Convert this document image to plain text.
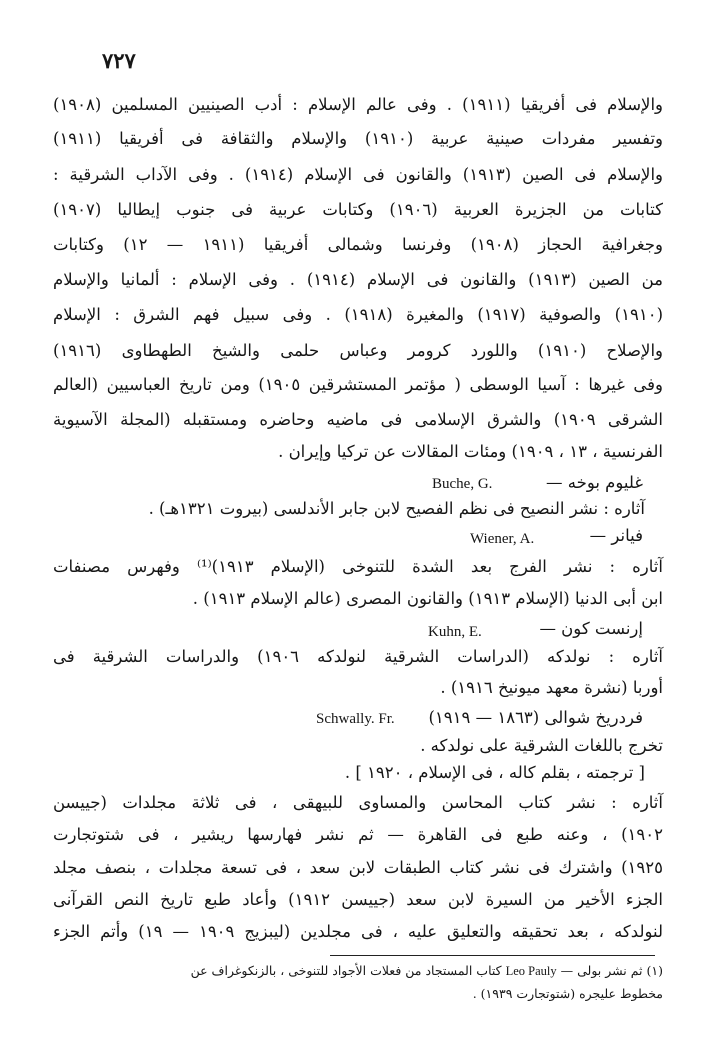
٧٢٧
والإسلام فى أفريقيا (١٩١١) . وفى عالم الإسلام : أدب الصينيين المسلمين (١٩٠٨)
وتفسير مفردات صينية عربية (١٩١٠) والإسلام والثقافة فى أفريقيا (١٩١١)
والإسلام فى الصين (١٩١٣) والقانون فى الإسلام (١٩١٤) . وفى الآداب الشرقية :
كتابات من الجزيرة العربية (١٩٠٦) وكتابات عربية فى جنوب إيطاليا (١٩٠٧)
وجغرافية الحجاز (١٩٠٨) وفرنسا وشمالى أفريقيا (١٩١١ — ١٢) وكتابات
من الصين (١٩١٣) والقانون فى الإسلام (١٩١٤) . وفى الإسلام : ألمانيا والإسلام
(١٩١٠) والصوفية (١٩١٧) والمغيرة (١٩١٨) . وفى سبيل فهم الشرق : الإسلام
والإصلاح (١٩١٠) واللورد كرومر وعباس حلمى والشيخ الطهطاوى (١٩١٦)
وفى غيرها : آسيا الوسطى ( مؤتمر المستشرقين ١٩٠٥) ومن تاريخ العباسيين (العالم
الشرقى ١٩٠٩) والشرق الإسلامى فى ماضيه وحاضره ومستقبله (المجلة الآسيوية
الفرنسية ، ١٣ ، ١٩٠٩) ومئات المقالات عن تركيا وإيران .
غليوم بوخه —
Buche, G.
آثاره : نشر النصيح فى نظم الفصيح لابن جابر الأندلسى (بيروت ١٣٢١هـ) .
فيانر —
Wiener, A.
آثاره : نشر الفرج بعد الشدة للتنوخى (الإسلام ١٩١٣)⁽¹⁾ وفهرس مصنفات
ابن أبى الدنيا (الإسلام ١٩١٣) والقانون المصرى (عالم الإسلام ١٩١٣) .
إرنست كون —
Kuhn, E.
آثاره : نولدكه (الدراسات الشرقية لنولدكه ١٩٠٦) والدراسات الشرقية فى
أوربا (نشرة معهد ميونيخ ١٩١٦) .
فردريخ شوالى (١٨٦٣ — ١٩١٩)
Schwally. Fr.
تخرج باللغات الشرقية على نولدكه .
[ ترجمته ، بقلم كاله ، فى الإسلام ، ١٩٢٠ ] .
آثاره : نشر كتاب المحاسن والمساوى للبيهقى ، فى ثلاثة مجلدات (جييسن
١٩٠٢) ، وعنه طبع فى القاهرة — ثم نشر فهارسها ريشير ، فى شتوتجارت
١٩٢٥) واشترك فى نشر كتاب الطبقات لابن سعد ، فى تسعة مجلدات ، بنصف مجلد
الجزء الأخير من السيرة لابن سعد (جييسن ١٩١٢) وأعاد طبع تاريخ النص القرآنى
لنولدكه ، بعد تحقيقه والتعليق عليه ، فى مجلدين (ليبزيج ١٩٠٩ — ١٩) وأتم الجزء
(١) ثم نشر بولى — Leo Pauly كتاب المستجاد من فعلات الأجواد للتنوخى ، بالزنكوغراف عن
مخطوط عليجره (شتوتجارت ١٩٣٩) .
